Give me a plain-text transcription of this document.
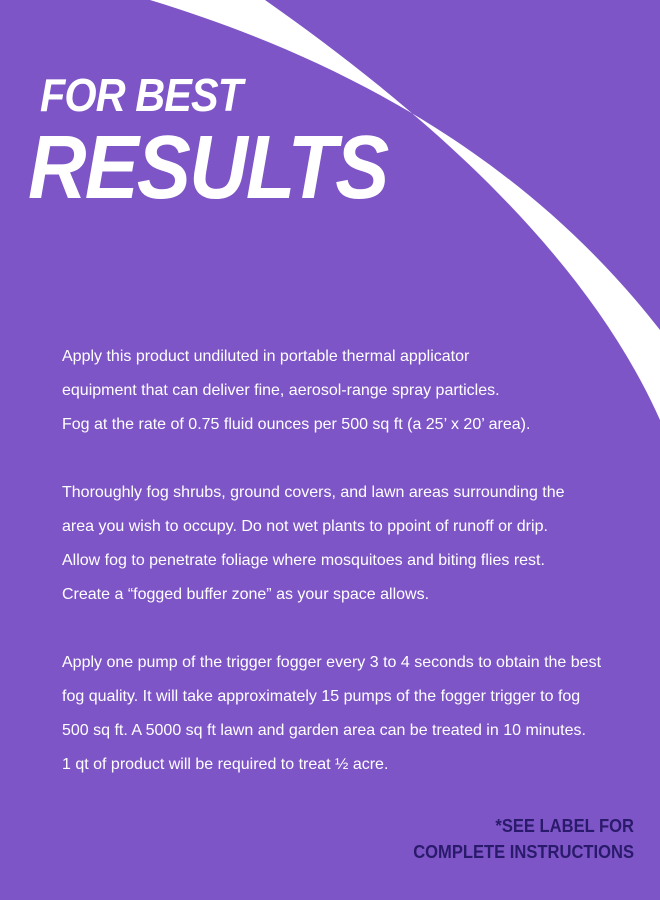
FOR BEST
RESULTS

Apply this product undiluted in portable thermal applicator
equipment that can deliver fine, aerosol-range spray particles.
Fog at the rate of 0.75 fluid ounces per 500 sq ft (a 25’ x 20’ area).

Thoroughly fog shrubs, ground covers, and lawn areas surrounding the
area you wish to occupy. Do not wet plants to ppoint of runoff or drip.
Allow fog to penetrate foliage where mosquitoes and biting flies rest.
Create a “fogged buffer zone” as your space allows.

Apply one pump of the trigger fogger every 3 to 4 seconds to obtain the best
fog quality. It will take approximately 15 pumps of the fogger trigger to fog
500 sq ft. A 5000 sq ft lawn and garden area can be treated in 10 minutes.
1 qt of product will be required to treat ½ acre.

*SEE LABEL FOR
COMPLETE INSTRUCTIONS
